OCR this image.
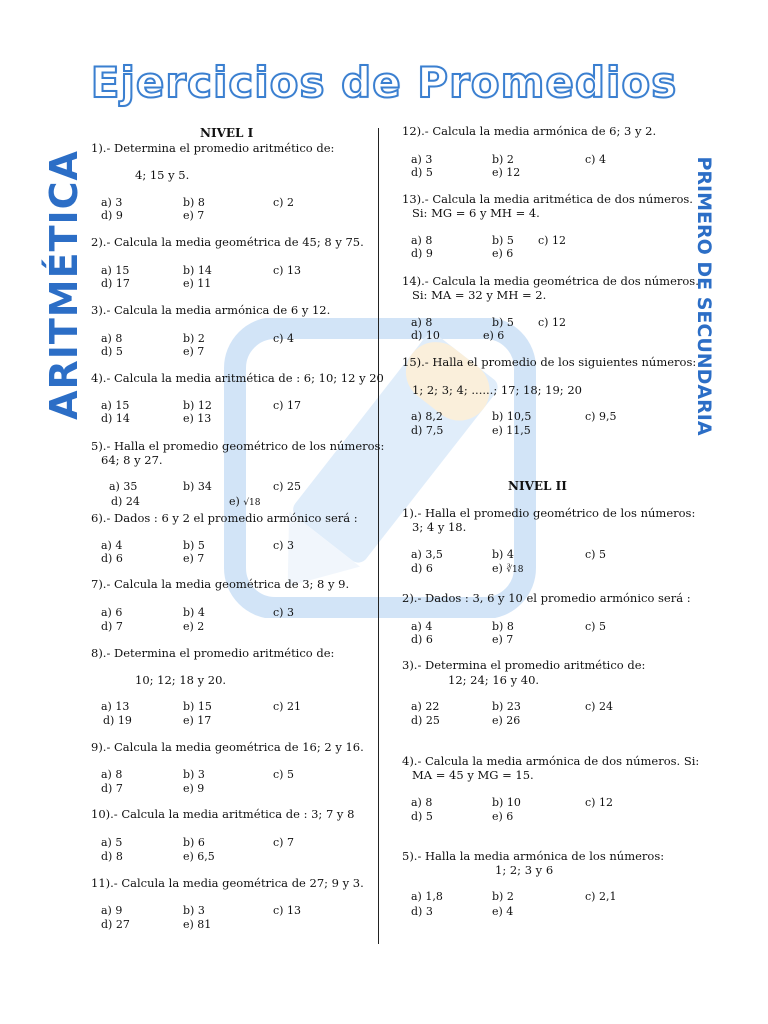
Ejercicios de Promedios
ARITMÉTICA	PRIMERO DE SECUNDARIA
NIVEL I
1).- Determina el promedio aritmético de:
4; 15 y 5.
a) 3	b) 8	c) 2
d) 9	e) 7
2).- Calcula la media geométrica de 45; 8 y 75.
a) 15	b) 14	c) 13
d) 17	e) 11
3).- Calcula la media armónica de 6 y 12.
a) 8	b) 2	c) 4
d) 5	e) 7
4).- Calcula la media aritmética de : 6; 10; 12 y 20
a) 15	b) 12	c) 17
d) 14	e) 13
5).- Halla el promedio geométrico de los números:
64; 8 y 27.
a) 35	b) 34	c) 25
d) 24	e) √18
6).- Dados : 6 y 2 el promedio armónico será :
a) 4	b) 5	c) 3
d) 6	e) 7
7).- Calcula la media geométrica de 3; 8 y 9.
a) 6	b) 4	c) 3
d) 7	e) 2
8).- Determina el promedio aritmético de:
10; 12; 18 y 20.
a) 13	b) 15	c) 21
d) 19	e) 17
9).- Calcula la media geométrica de 16; 2 y 16.
a) 8	b) 3	c) 5
d) 7	e) 9
10).- Calcula la media aritmética de : 3; 7 y 8
a) 5	b) 6	c) 7
d) 8	e) 6,5
11).- Calcula la media geométrica de 27; 9 y 3.
a) 9	b) 3	c) 13
d) 27	e) 81
12).- Calcula la media armónica de 6; 3 y 2.
a) 3	b) 2	c) 4
d) 5	e) 12
13).- Calcula la media aritmética de dos números.
Si: MG = 6 y MH = 4.
a) 8	b) 5 c) 12
d) 9	e) 6
14).- Calcula la media geométrica de dos números.
Si: MA = 32 y MH = 2.
a) 8	b) 5 c) 12
d) 10	e) 6
15).- Halla el promedio de los siguientes números:
1; 2; 3; 4; ......; 17; 18; 19; 20
a) 8,2	b) 10,5	c) 9,5
d) 7,5	e) 11,5
NIVEL II
1).- Halla el promedio geométrico de los números:
3; 4 y 18.
a) 3,5	b) 4	c) 5
d) 6	e) ∛18
2).- Dados : 3, 6 y 10 el promedio armónico será :
a) 4	b) 8	c) 5
d) 6	e) 7
3).- Determina el promedio aritmético de:
12; 24; 16 y 40.
a) 22	b) 23	c) 24
d) 25	e) 26
4).- Calcula la media armónica de dos números. Si:
MA = 45 y MG = 15.
a) 8	b) 10	c) 12
d) 5	e) 6
5).- Halla la media armónica de los números:
1; 2; 3 y 6
a) 1,8	b) 2	c) 2,1
d) 3	e) 4
